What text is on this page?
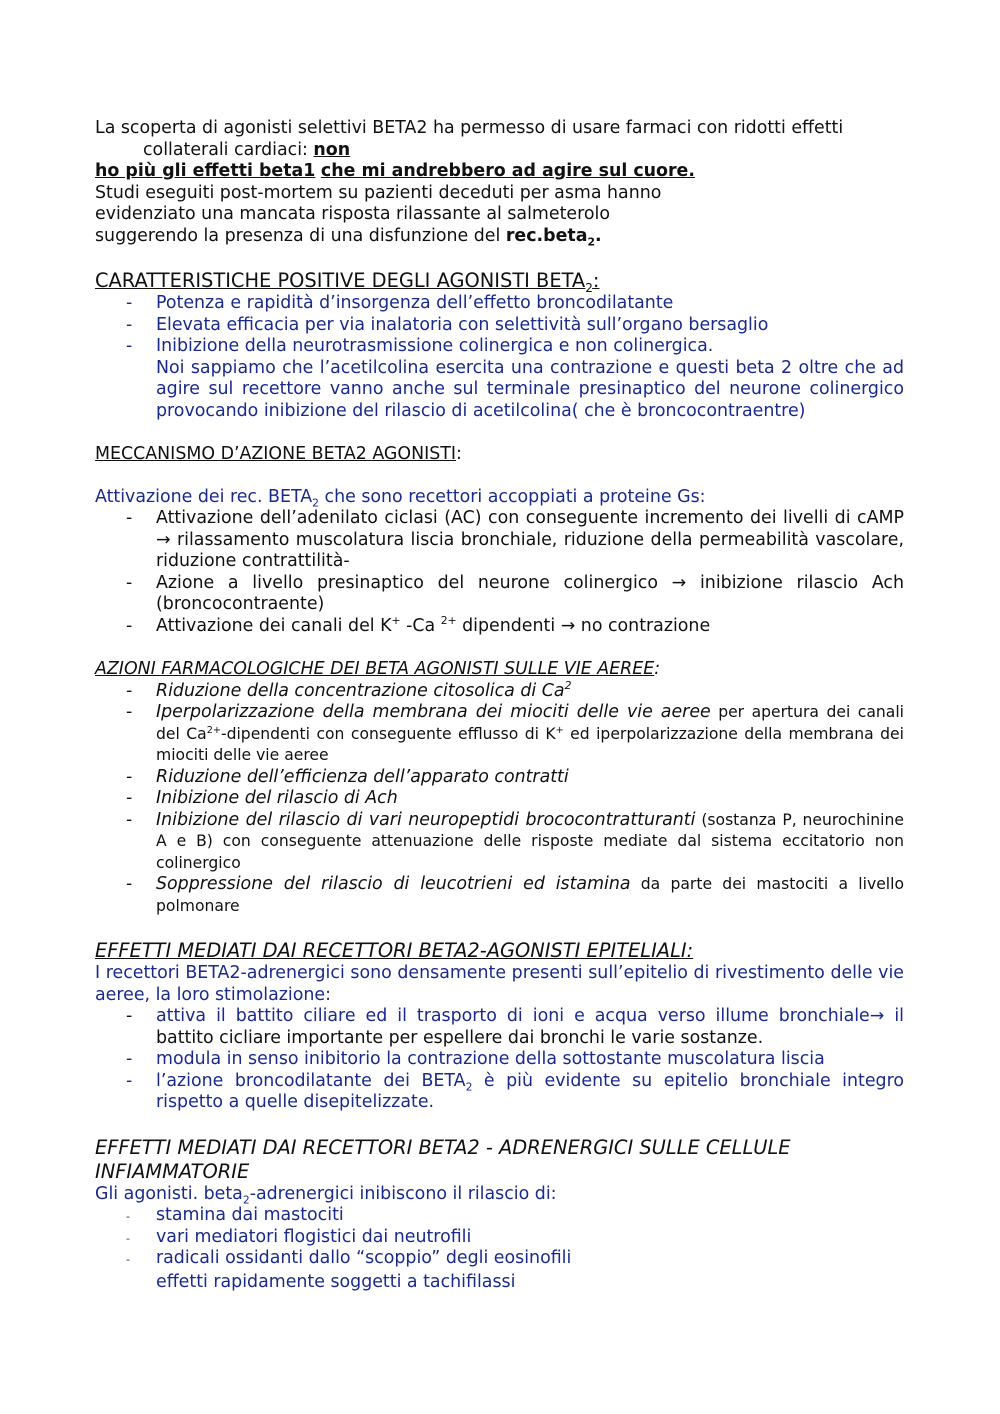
La scoperta di agonisti selettivi BETA2 ha permesso di usare farmaci con ridotti effetti collaterali cardiaci: non

ho più gli effetti beta1 che mi andrebbero ad agire sul cuore.

Studi eseguiti post-mortem su pazienti deceduti per asma hanno

evidenziato una mancata risposta rilassante al salmeterolo

suggerendo la presenza di una disfunzione del rec.beta$_2$.

CARATTERISTICHE POSITIVE DEGLI AGONISTI $BETA_2$:

- Potenza e rapidità d’insorgenza dell’effetto broncodilatante
- Elevata efficacia per via inalatoria con selettività sull’organo bersaglio
- Inibizione della neurotrasmissione colinergica e non colinergica.

Noi sappiamo che l’acetilcolina esercita una contrazione e questi beta 2 oltre che ad agire sul recettore vanno anche sul terminale presinaptico del neurone colinergico provocando inibizione del rilascio di acetilcolina( che è broncocontraentre)

MECCANISMO D’AZIONE BETA2 AGONISTI:

Attivazione dei rec. $BETA_2$ che sono recettori accoppiati a proteine Gs:

- Attivazione dell’adenilato ciclasi (AC) con conseguente incremento dei livelli di cAMP → rilassamento muscolatura liscia bronchiale, riduzione della permeabilità vascolare, riduzione contrattilità-
- Azione a livello presinaptico del neurone colinergico → inibizione rilascio Ach (broncocontraente)
- Attivazione dei canali del K+ -Ca $^{2+}$ dipendenti → no contrazione

AZIONI FARMACOLOGICHE DEI BETA AGONISTI SULLE VIE AEREE:

- Riduzione della concentrazione citosolica di Ca$^2$
- Iperpolarizzazione della membrana dei miociti delle vie aeree per apertura dei canali del $Ca^{2+}$-dipendenti con conseguente efflusso di K+ ed iperpolarizzazione della membrana dei miociti delle vie aeree
- Riduzione dell’efficienza dell’apparato contratti
- Inibizione del rilascio di Ach
- Inibizione del rilascio di vari neuropeptidi brococontratturanti (sostanza P, neurochinine A e B) con conseguente attenuazione delle risposte mediate dal sistema eccitatorio non colinergico
- Soppressione del rilascio di leucotrieni ed istamina da parte dei mastociti a livello polmonare

EFFETTI MEDIATI DAI RECETTORI BETA2-AGONISTI EPITELIALI:

I recettori BETA2-adrenergici sono densamente presenti sull’epitelio di rivestimento delle vie aeree, la loro stimolazione:

- attiva il battito ciliare ed il trasporto di ioni e acqua verso illume bronchiale→ il battito cicliare importante per espellere dai bronchi le varie sostanze.
- modula in senso inibitorio la contrazione della sottostante muscolatura liscia
- l’azione broncodilatante dei $BETA_2$ è più evidente su epitelio bronchiale integro rispetto a quelle disepitelizzate.

EFFETTI MEDIATI DAI RECETTORI BETA2 - ADRENERGICI SULLE CELLULE

INFIAMMATORIE

Gli agonisti. beta$_2$-adrenergici inibiscono il rilascio di:

- stamina dai mastociti
- vari mediatori flogistici dai neutrofili
- radicali ossidanti dallo “scoppio” degli eosinofili

effetti rapidamente soggetti a tachifilassi
